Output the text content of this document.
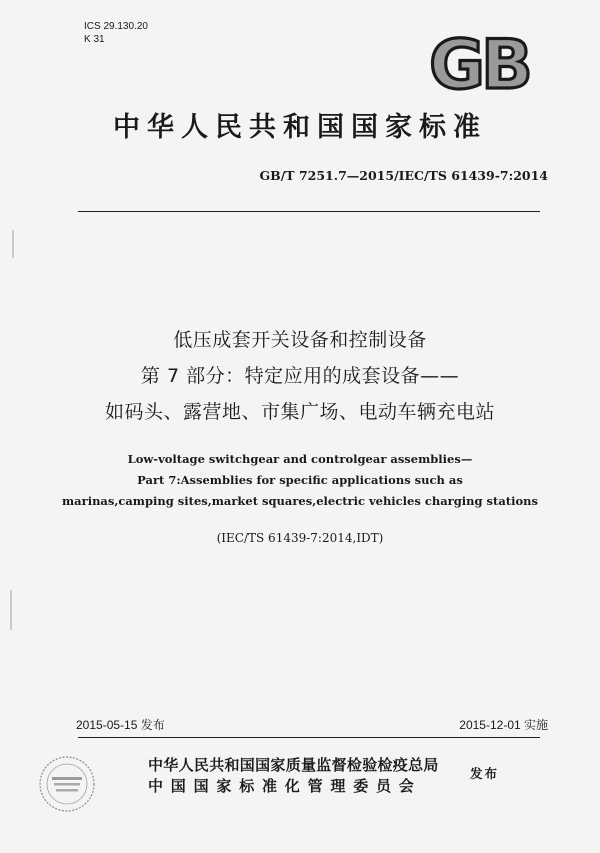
ICS 29.130.20
K 31	GB
中华人民共和国国家标准
GB/T 7251.7—2015/IEC/TS 61439-7:2014
低压成套开关设备和控制设备
第 7 部分：特定应用的成套设备——
如码头、露营地、市集广场、电动车辆充电站
Low-voltage switchgear and controlgear assemblies—
Part 7:Assemblies for specific applications such as
marinas,camping sites,market squares,electric vehicles charging stations
(IEC/TS 61439-7:2014,IDT)
2015-05-15 发布	2015-12-01 实施
中华人民共和国国家质量监督检验检疫总局
中国国家标准化管理委员会
发布
